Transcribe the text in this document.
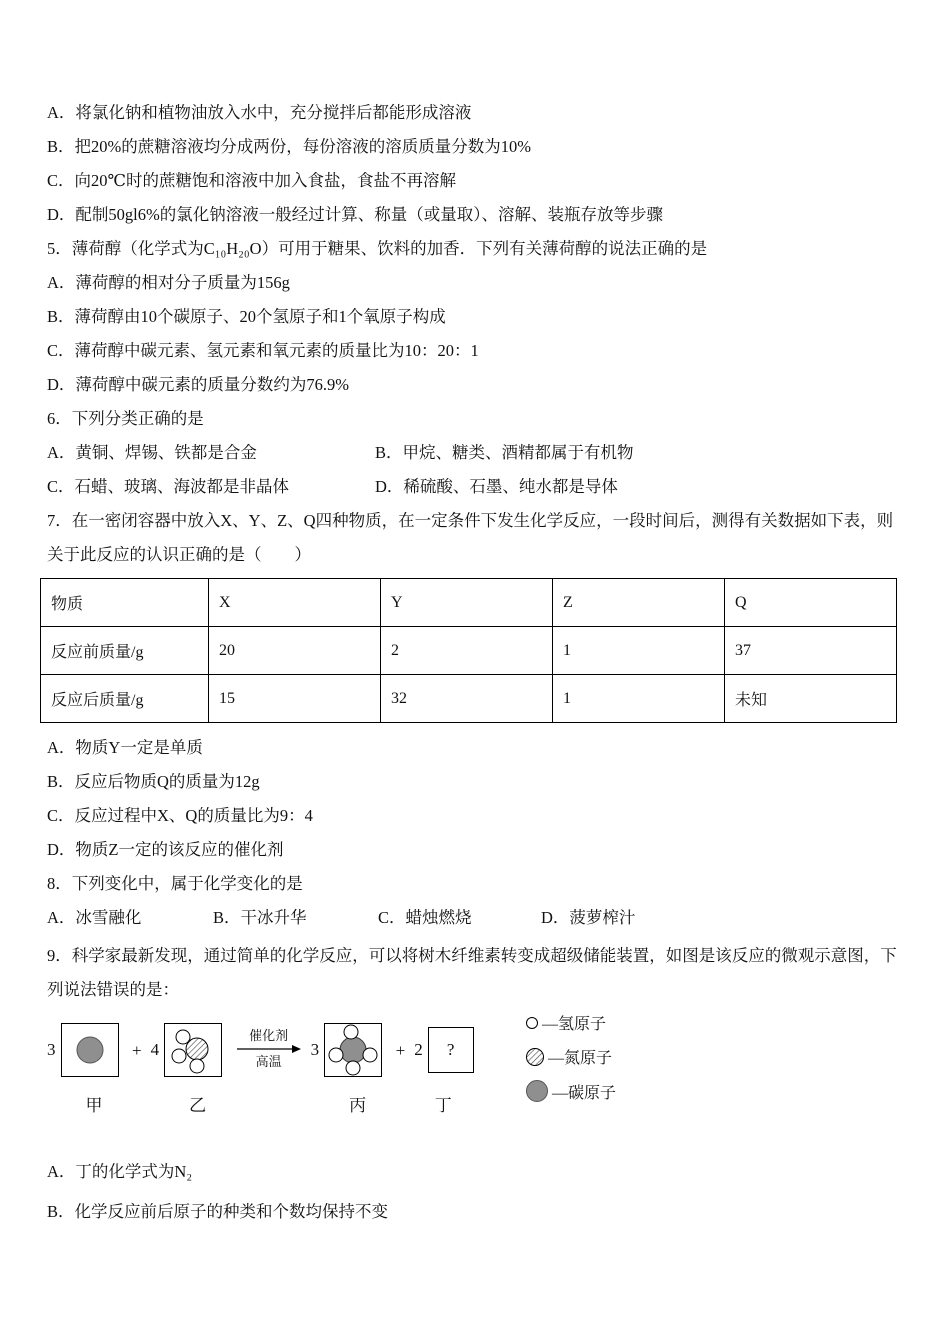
A．将氯化钠和植物油放入水中，充分搅拌后都能形成溶液

B．把20%的蔗糖溶液均分成两份，每份溶液的溶质质量分数为10%

C．向20℃时的蔗糖饱和溶液中加入食盐，食盐不再溶解

D．配制50gl6%的氯化钠溶液一般经过计算、称量（或量取）、溶解、装瓶存放等步骤

5．薄荷醇（化学式为C₁₀H₂₀O）可用于糖果、饮料的加香．下列有关薄荷醇的说法正确的是

A．薄荷醇的相对分子质量为156g

B．薄荷醇由10个碳原子、20个氢原子和1个氧原子构成

C．薄荷醇中碳元素、氢元素和氧元素的质量比为10：20：1

D．薄荷醇中碳元素的质量分数约为76.9%

6．下列分类正确的是

A．黄铜、焊锡、铁都是合金	B．甲烷、糖类、酒精都属于有机物
C．石蜡、玻璃、海波都是非晶体	D．稀硫酸、石墨、纯水都是导体

7．在一密闭容器中放入X、Y、Z、Q四种物质，在一定条件下发生化学反应，一段时间后，测得有关数据如下表，则关于此反应的认识正确的是（　　）

物质	X	Y	Z	Q
反应前质量/g	20	2	1	37
反应后质量/g	15	32	1	未知

A．物质Y一定是单质

B．反应后物质Q的质量为12g

C．反应过程中X、Q的质量比为9：4

D．物质Z一定的该反应的催化剂

8．下列变化中，属于化学变化的是

A．冰雪融化	B．干冰升华	C．蜡烛燃烧	D．菠萝榨汁

9．科学家最新发现，通过简单的化学反应，可以将树木纤维素转变成超级储能装置，如图是该反应的微观示意图，下列说法错误的是：

3
甲
+ 4
乙
催化剂
高温
3
丙
+ 2 ?
丁
—氢原子
—氮原子
—碳原子

A．丁的化学式为N₂

B．化学反应前后原子的种类和个数均保持不变
